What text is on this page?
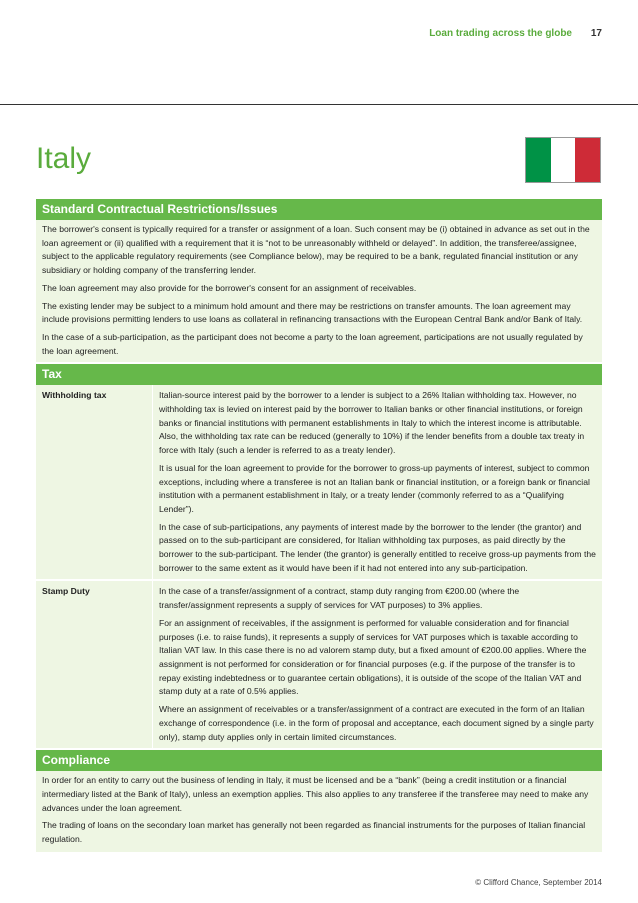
Loan trading across the globe 17
Italy
Standard Contractual Restrictions/Issues

The borrower's consent is typically required for a transfer or assignment of a loan. Such consent may be (i) obtained in advance as set out in the loan agreement or (ii) qualified with a requirement that it is “not to be unreasonably withheld or delayed”. In addition, the transferee/assignee, subject to the applicable regulatory requirements (see Compliance below), may be required to be a bank, regulated financial institution or any subsidiary or holding company of the transferring lender.

The loan agreement may also provide for the borrower's consent for an assignment of receivables.

The existing lender may be subject to a minimum hold amount and there may be restrictions on transfer amounts. The loan agreement may include provisions permitting lenders to use loans as collateral in refinancing transactions with the European Central Bank and/or Bank of Italy.

In the case of a sub-participation, as the participant does not become a party to the loan agreement, participations are not usually regulated by the loan agreement.

Tax
Withholding tax	Italian-source interest paid by the borrower to a lender is subject to a 26% Italian withholding tax. However, no withholding tax is levied on interest paid by the borrower to Italian banks or other financial institutions, or foreign banks or financial institutions with permanent establishments in Italy to which the interest income is attributable. Also, the withholding tax rate can be reduced (generally to 10%) if the lender benefits from a double tax treaty in force with Italy (such a lender is referred to as a treaty lender).

It is usual for the loan agreement to provide for the borrower to gross-up payments of interest, subject to common exceptions, including where a transferee is not an Italian bank or financial institution, or a foreign bank or financial institution with a permanent establishment in Italy, or a treaty lender (commonly referred to as a “Qualifying Lender”).

In the case of sub-participations, any payments of interest made by the borrower to the lender (the grantor) and passed on to the sub-participant are considered, for Italian withholding tax purposes, as paid directly by the borrower to the sub-participant. The lender (the grantor) is generally entitled to receive gross-up payments from the borrower to the same extent as it would have been if it had not entered into any sub-participation.

Stamp Duty	In the case of a transfer/assignment of a contract, stamp duty ranging from €200.00 (where the transfer/assignment represents a supply of services for VAT purposes) to 3% applies.

For an assignment of receivables, if the assignment is performed for valuable consideration and for financial purposes (i.e. to raise funds), it represents a supply of services for VAT purposes which is taxable according to Italian VAT law. In this case there is no ad valorem stamp duty, but a fixed amount of €200.00 applies. Where the assignment is not performed for consideration or for financial purposes (e.g. if the purpose of the transfer is to repay existing indebtedness or to guarantee certain obligations), it is outside of the scope of the Italian VAT and stamp duty at a rate of 0.5% applies.

Where an assignment of receivables or a transfer/assignment of a contract are executed in the form of an Italian exchange of correspondence (i.e. in the form of proposal and acceptance, each document signed by a single party only), stamp duty applies only in certain limited circumstances.

Compliance

In order for an entity to carry out the business of lending in Italy, it must be licensed and be a “bank” (being a credit institution or a financial intermediary listed at the Bank of Italy), unless an exemption applies. This also applies to any transferee if the transferee may need to make any advances under the loan agreement.

The trading of loans on the secondary loan market has generally not been regarded as financial instruments for the purposes of Italian financial regulation.

© Clifford Chance, September 2014
